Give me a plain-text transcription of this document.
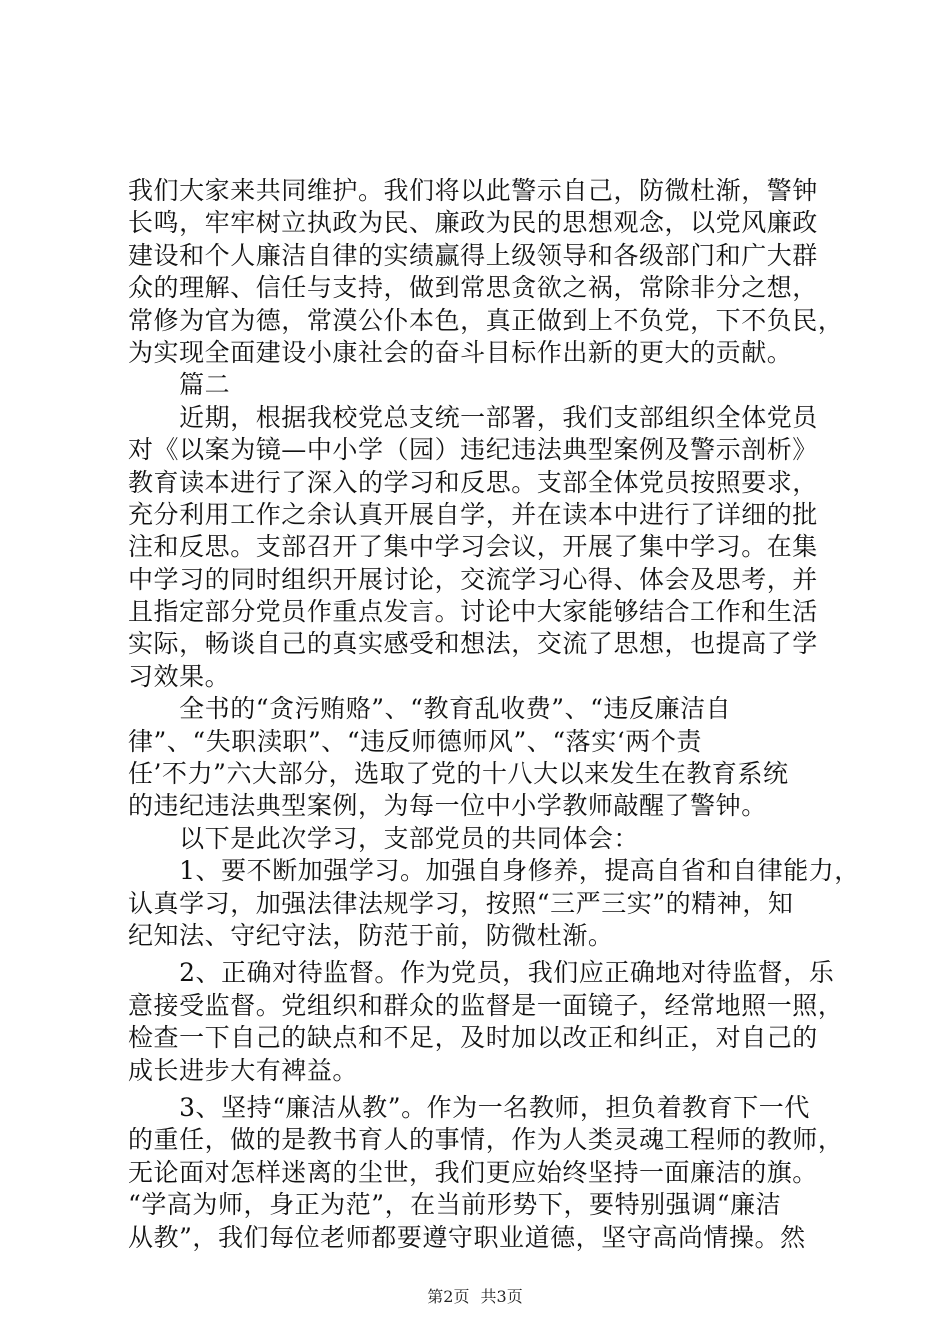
我们大家来共同维护。我们将以此警示自己，防微杜渐，警钟
长鸣，牢牢树立执政为民、廉政为民的思想观念，以党风廉政
建设和个人廉洁自律的实绩赢得上级领导和各级部门和广大群
众的理解、信任与支持，做到常思贪欲之祸，常除非分之想，
常修为官为德，常漠公仆本色，真正做到上不负党，下不负民，
为实现全面建设小康社会的奋斗目标作出新的更大的贡献。
　　篇二
　　近期，根据我校党总支统一部署，我们支部组织全体党员
对《以案为镜—中小学（园）违纪违法典型案例及警示剖析》
教育读本进行了深入的学习和反思。支部全体党员按照要求，
充分利用工作之余认真开展自学，并在读本中进行了详细的批
注和反思。支部召开了集中学习会议，开展了集中学习。在集
中学习的同时组织开展讨论，交流学习心得、体会及思考，并
且指定部分党员作重点发言。讨论中大家能够结合工作和生活
实际，畅谈自己的真实感受和想法，交流了思想，也提高了学
习效果。
　　全书的“贪污贿赂”、“教育乱收费”、“违反廉洁自
律”、“失职渎职”、“违反师德师风”、“落实‘两个责
任’不力”六大部分，选取了党的十八大以来发生在教育系统
的违纪违法典型案例，为每一位中小学教师敲醒了警钟。
　　以下是此次学习，支部党员的共同体会：
　　1、要不断加强学习。加强自身修养，提高自省和自律能力，
认真学习，加强法律法规学习，按照“三严三实”的精神，知
纪知法、守纪守法，防范于前，防微杜渐。
　　2、正确对待监督。作为党员，我们应正确地对待监督，乐
意接受监督。党组织和群众的监督是一面镜子，经常地照一照，
检查一下自己的缺点和不足，及时加以改正和纠正，对自己的
成长进步大有裨益。
　　3、坚持“廉洁从教”。作为一名教师，担负着教育下一代
的重任，做的是教书育人的事情，作为人类灵魂工程师的教师，
无论面对怎样迷离的尘世，我们更应始终坚持一面廉洁的旗。
“学高为师，身正为范”，在当前形势下，要特别强调“廉洁
从教”，我们每位老师都要遵守职业道德，坚守高尚情操。然
第2页 共3页
